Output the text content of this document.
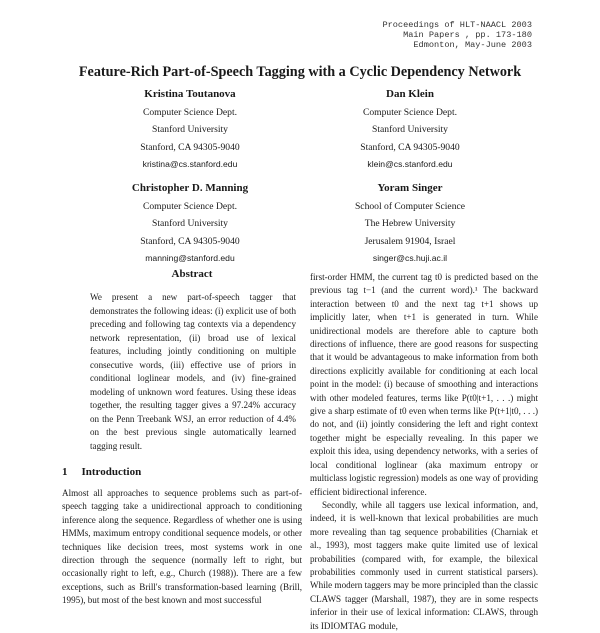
Proceedings of HLT-NAACL 2003
Main Papers , pp. 173-180
Edmonton, May-June 2003
Feature-Rich Part-of-Speech Tagging with a Cyclic Dependency Network
Kristina Toutanova
Computer Science Dept.
Stanford University
Stanford, CA 94305-9040
kristina@cs.stanford.edu
Dan Klein
Computer Science Dept.
Stanford University
Stanford, CA 94305-9040
klein@cs.stanford.edu
Christopher D. Manning
Computer Science Dept.
Stanford University
Stanford, CA 94305-9040
manning@stanford.edu
Yoram Singer
School of Computer Science
The Hebrew University
Jerusalem 91904, Israel
singer@cs.huji.ac.il
Abstract

We present a new part-of-speech tagger that demonstrates the following ideas: (i) explicit use of both preceding and following tag contexts via a dependency network representation, (ii) broad use of lexical features, including jointly conditioning on multiple consecutive words, (iii) effective use of priors in conditional loglinear models, and (iv) fine-grained modeling of unknown word features. Using these ideas together, the resulting tagger gives a 97.24% accuracy on the Penn Treebank WSJ, an error reduction of 4.4% on the best previous single automatically learned tagging result.

1 Introduction

Almost all approaches to sequence problems such as part-of-speech tagging take a unidirectional approach to conditioning inference along the sequence. Regardless of whether one is using HMMs, maximum entropy conditional sequence models, or other techniques like decision trees, most systems work in one direction through the sequence (normally left to right, but occasionally right to left, e.g., Church (1988)). There are a few exceptions, such as Brill's transformation-based learning (Brill, 1995), but most of the best known and most successful

first-order HMM, the current tag t0 is predicted based on the previous tag t−1 (and the current word).¹ The backward interaction between t0 and the next tag t+1 shows up implicitly later, when t+1 is generated in turn. While unidirectional models are therefore able to capture both directions of influence, there are good reasons for suspecting that it would be advantageous to make information from both directions explicitly available for conditioning at each local point in the model: (i) because of smoothing and interactions with other modeled features, terms like P(t0|t+1, . . .) might give a sharp estimate of t0 even when terms like P(t+1|t0, . . .) do not, and (ii) jointly considering the left and right context together might be especially revealing. In this paper we exploit this idea, using dependency networks, with a series of local conditional loglinear (aka maximum entropy or multiclass logistic regression) models as one way of providing efficient bidirectional inference.

Secondly, while all taggers use lexical information, and, indeed, it is well-known that lexical probabilities are much more revealing than tag sequence probabilities (Charniak et al., 1993), most taggers make quite limited use of lexical probabilities (compared with, for example, the bilexical probabilities commonly used in current statistical parsers). While modern taggers may be more principled than the classic CLAWS tagger (Marshall, 1987), they are in some respects inferior in their use of lexical information: CLAWS, through its IDIOMTAG module,
